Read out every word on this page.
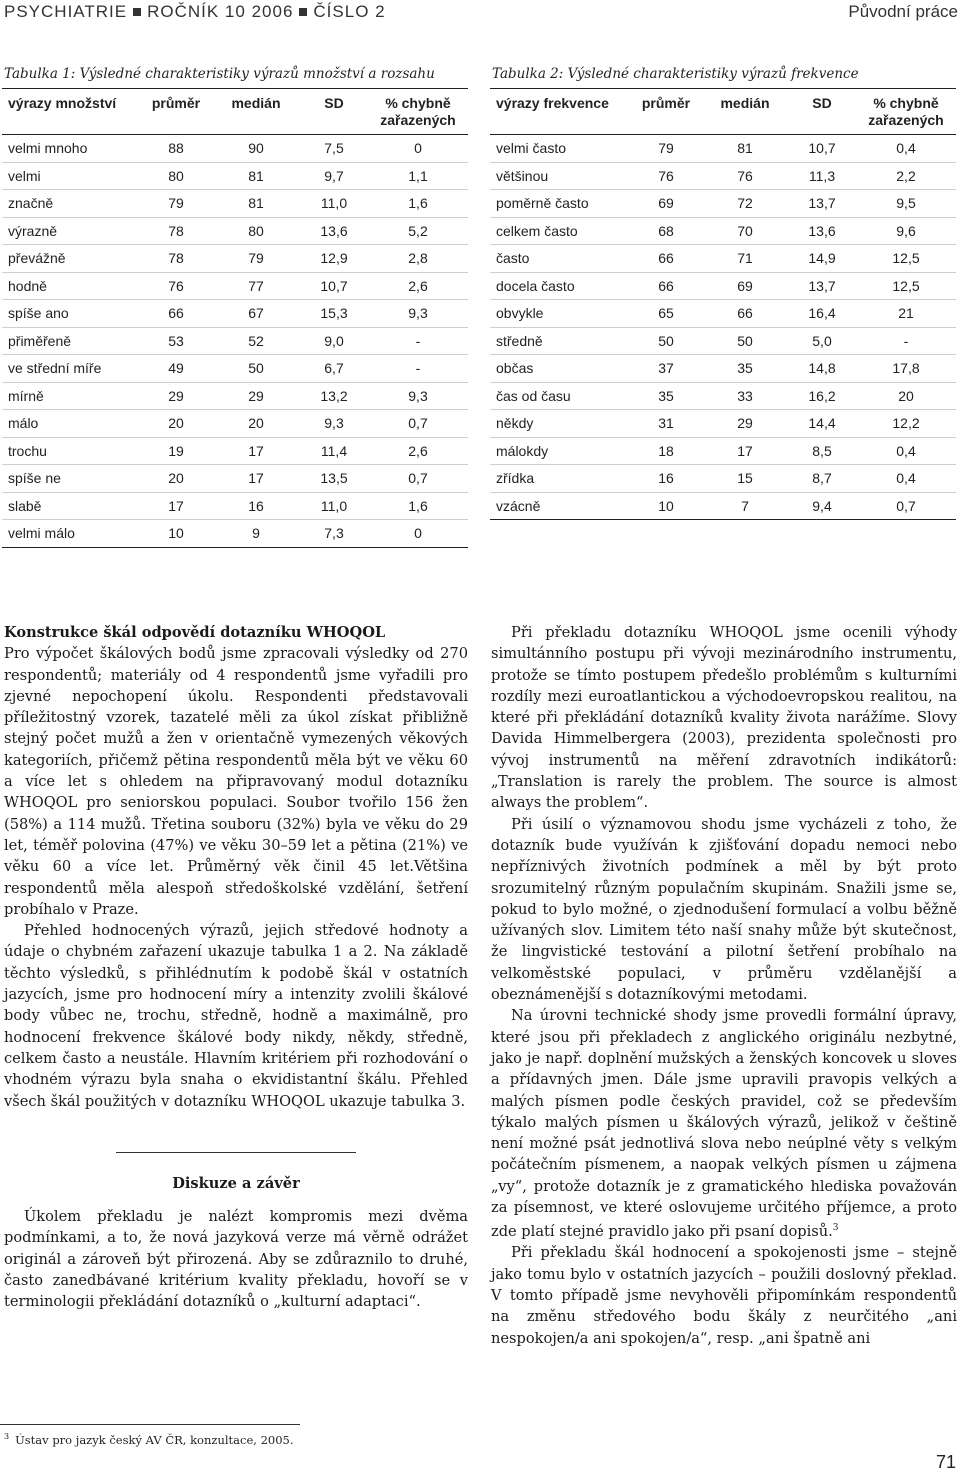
PSYCHIATRIE ROČNÍK 10 2006 ČÍSLO 2	Původní práce
Tabulka 1: Výsledné charakteristiky výrazů množství a rozsahu
výrazy množství	průměr	medián	SD	% chybně zařazených
velmi mnoho	88	90	7,5	0
velmi	80	81	9,7	1,1
značně	79	81	11,0	1,6
výrazně	78	80	13,6	5,2
převážně	78	79	12,9	2,8
hodně	76	77	10,7	2,6
spíše ano	66	67	15,3	9,3
přiměřeně	53	52	9,0	-
ve střední míře	49	50	6,7	-
mírně	29	29	13,2	9,3
málo	20	20	9,3	0,7
trochu	19	17	11,4	2,6
spíše ne	20	17	13,5	0,7
slabě	17	16	11,0	1,6
velmi málo	10	9	7,3	0
Tabulka 2: Výsledné charakteristiky výrazů frekvence
výrazy frekvence	průměr	medián	SD	% chybně zařazených
velmi často	79	81	10,7	0,4
většinou	76	76	11,3	2,2
poměrně často	69	72	13,7	9,5
celkem často	68	70	13,6	9,6
často	66	71	14,9	12,5
docela často	66	69	13,7	12,5
obvykle	65	66	16,4	21
středně	50	50	5,0	-
občas	37	35	14,8	17,8
čas od času	35	33	16,2	20
někdy	31	29	14,4	12,2
málokdy	18	17	8,5	0,4
zřídka	16	15	8,7	0,4
vzácně	10	7	9,4	0,7
Konstrukce škál odpovědí dotazníku WHOQOL

Pro výpočet škálových bodů jsme zpracovali výsledky od 270 respondentů; materiály od 4 respondentů jsme vyřadili pro zjevné nepochopení úkolu. Respondenti představovali příležitostný vzorek, tazatelé měli za úkol získat přibližně stejný počet mužů a žen v orientačně vymezených věkových kategoriích, přičemž pětina respondentů měla být ve věku 60 a více let s ohledem na připravovaný modul dotazníku WHOQOL pro seniorskou populaci. Soubor tvořilo 156 žen (58%) a 114 mužů. Třetina souboru (32%) byla ve věku do 29 let, téměř polovina (47%) ve věku 30–59 let a pětina (21%) ve věku 60 a více let. Průměrný věk činil 45 let.Většina respondentů měla alespoň středoškolské vzdělání, šetření probíhalo v Praze.

Přehled hodnocených výrazů, jejich středové hodnoty a údaje o chybném zařazení ukazuje tabulka 1 a 2. Na základě těchto výsledků, s přihlédnutím k podobě škál v ostatních jazycích, jsme pro hodnocení míry a intenzity zvolili škálové body vůbec ne, trochu, středně, hodně a maximálně, pro hodnocení frekvence škálové body nikdy, někdy, středně, celkem často a neustále. Hlavním kritériem při rozhodování o vhodném výrazu byla snaha o ekvidistantní škálu. Přehled všech škál použitých v dotazníku WHOQOL ukazuje tabulka 3.

Diskuze a závěr

Úkolem překladu je nalézt kompromis mezi dvěma podmínkami, a to, že nová jazyková verze má věrně odrážet originál a zároveň být přirozená. Aby se zdůraznilo to druhé, často zanedbávané kritérium kvality překladu, hovoří se v terminologii překládání dotazníků o „kulturní adaptaci“.

Při překladu dotazníku WHOQOL jsme ocenili výhody simultánního postupu při vývoji mezinárodního instrumentu, protože se tímto postupem předešlo problémům s kulturními rozdíly mezi euroatlantickou a východoevropskou realitou, na které při překládání dotazníků kvality života narážíme. Slovy Davida Himmelbergera (2003), prezidenta společnosti pro vývoj instrumentů na měření zdravotních indikátorů: „Translation is rarely the problem. The source is almost always the problem“.

Při úsilí o významovou shodu jsme vycházeli z toho, že dotazník bude využíván k zjišťování dopadu nemoci nebo nepříznivých životních podmínek a měl by být proto srozumitelný různým populačním skupinám. Snažili jsme se, pokud to bylo možné, o zjednodušení formulací a volbu běžně užívaných slov. Limitem této naší snahy může být skutečnost, že lingvistické testování a pilotní šetření probíhalo na velkoměstské populaci, v průměru vzdělanější a obeznámenější s dotazníkovými metodami.

Na úrovni technické shody jsme provedli formální úpravy, které jsou při překladech z anglického originálu nezbytné, jako je např. doplnění mužských a ženských koncovek u sloves a přídavných jmen. Dále jsme upravili pravopis velkých a malých písmen podle českých pravidel, což se především týkalo malých písmen u škálových výrazů, jelikož v češtině není možné psát jednotlivá slova nebo neúplné věty s velkým počátečním písmenem, a naopak velkých písmen u zájmena „vy“, protože dotazník je z gramatického hlediska považován za písemnost, ve které oslovujeme určitého příjemce, a proto zde platí stejné pravidlo jako při psaní dopisů.$^3$

Při překladu škál hodnocení a spokojenosti jsme – stejně jako tomu bylo v ostatních jazycích – použili doslovný překlad. V tomto případě jsme nevyhověli připomínkám respondentů na změnu středového bodu škály z neurčitého „ani nespokojen/a ani spokojen/a“, resp. „ani špatně ani

$^3$ Ústav pro jazyk český AV ČR, konzultace, 2005.
71
